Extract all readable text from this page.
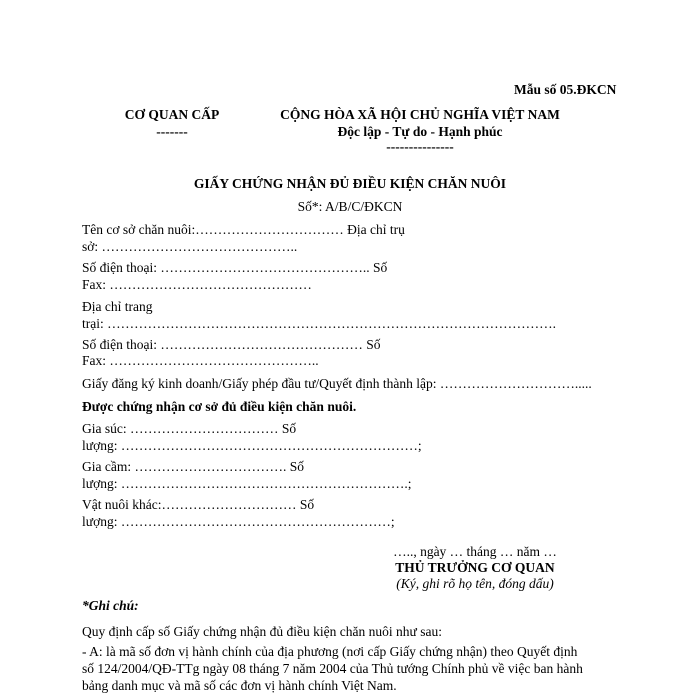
Mẫu số 05.ĐKCN
CƠ QUAN CẤP
-------
CỘNG HÒA XÃ HỘI CHỦ NGHĨA VIỆT NAM
Độc lập - Tự do - Hạnh phúc
---------------
GIẤY CHỨNG NHẬN ĐỦ ĐIỀU KIỆN CHĂN NUÔI
Số*: A/B/C/ĐKCN
Tên cơ sở chăn nuôi:…………………………… Địa chỉ trụ
sở: ……………………………………..
Số điện thoại: ……………………………………….. Số
Fax: ………………………………………
Địa chỉ trang
trại: ……………………………………………………………………………………….
Số điện thoại: ……………………………………… Số
Fax: ………………………………………..
Giấy đăng ký kinh doanh/Giấy phép đầu tư/Quyết định thành lập: ………………………….....
Được chứng nhận cơ sở đủ điều kiện chăn nuôi.
Gia súc: …………………………… Số
lượng: …………………………………………………………;
Gia cầm: ……………………………. Số
lượng: ……………………………………………………….;
Vật nuôi khác:………………………… Số
lượng: ……………………………………………………;
….., ngày … tháng … năm …
THỦ TRƯỞNG CƠ QUAN
(Ký, ghi rõ họ tên, đóng dấu)
*Ghi chú:
Quy định cấp số Giấy chứng nhận đủ điều kiện chăn nuôi như sau:
- A: là mã số đơn vị hành chính của địa phương (nơi cấp Giấy chứng nhận) theo Quyết định
số 124/2004/QĐ-TTg ngày 08 tháng 7 năm 2004 của Thủ tướng Chính phủ về việc ban hành
bảng danh mục và mã số các đơn vị hành chính Việt Nam.
